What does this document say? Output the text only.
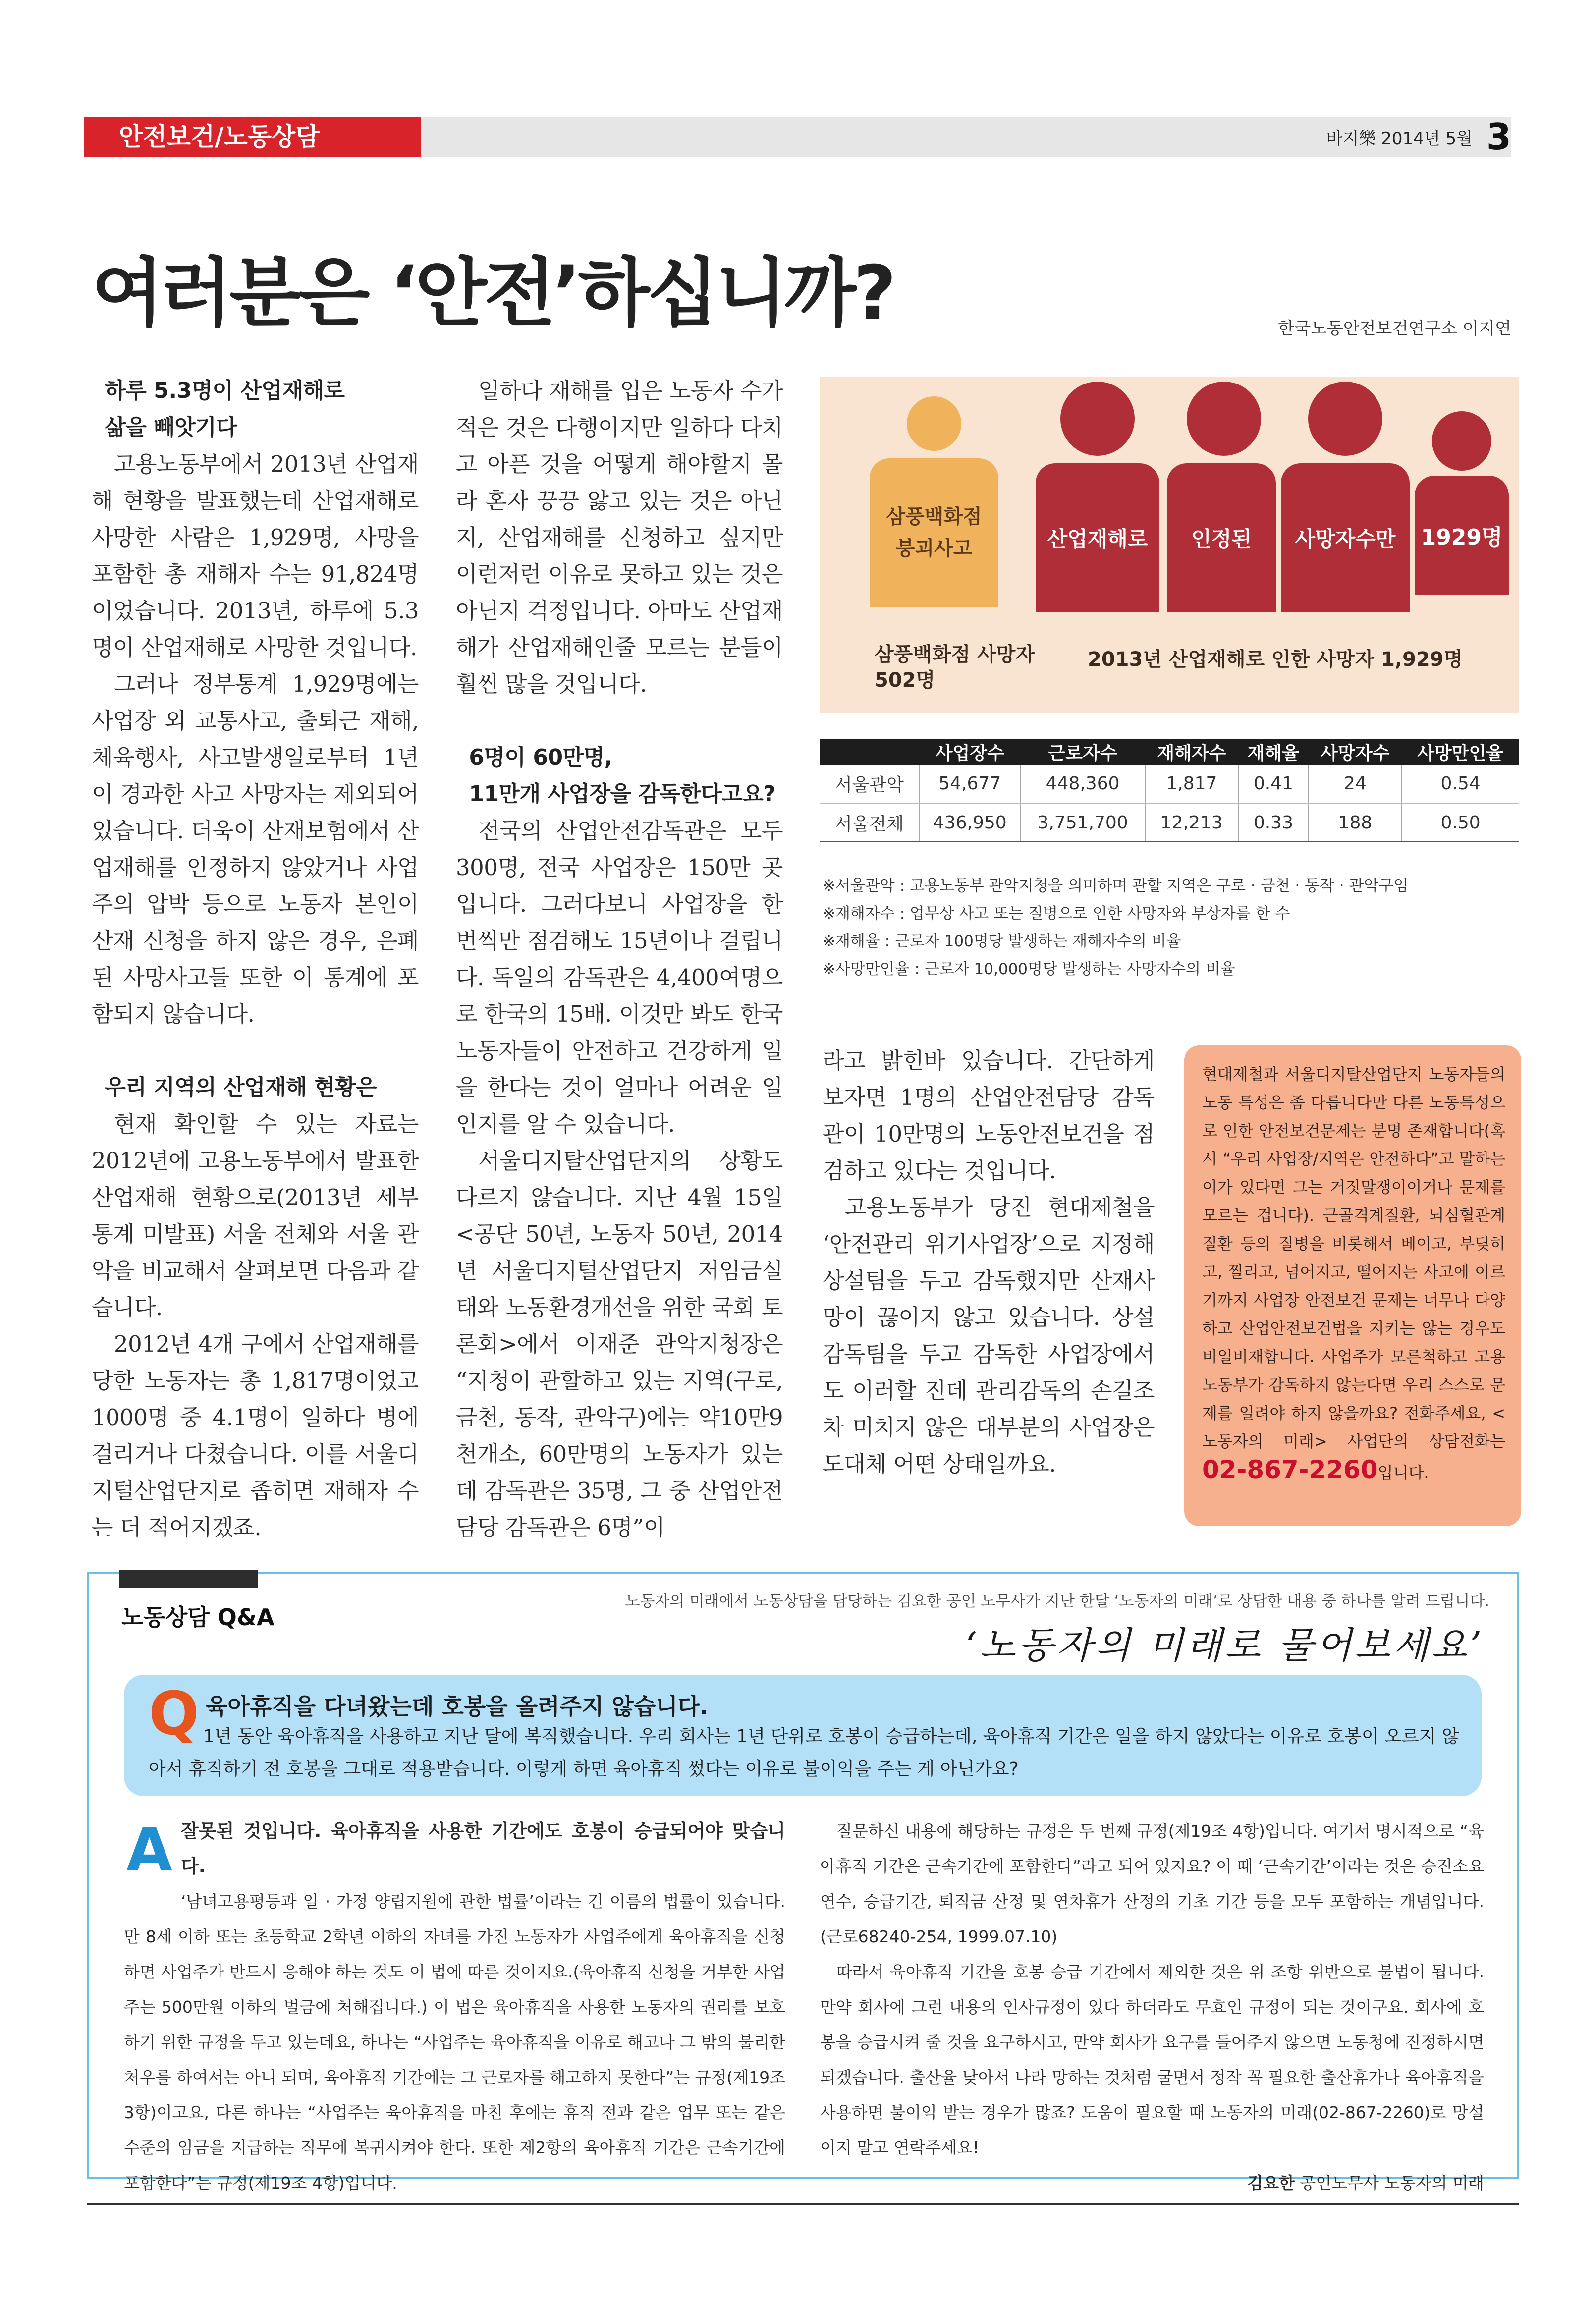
안전보건/노동상담	바지樂 2014년 5월 3
여러분은 ‘안전’하십니까?	한국노동안전보건연구소 이지연
하루 5.3명이 산업재해로
삶을 빼앗기다

고용노동부에서 2013년 산업재해 현황을 발표했는데 산업재해로 사망한 사람은 1,929명, 사망을 포함한 총 재해자 수는 91,824명이었습니다. 2013년, 하루에 5.3명이 산업재해로 사망한 것입니다.

그러나 정부통계 1,929명에는 사업장 외 교통사고, 출퇴근 재해, 체육행사, 사고발생일로부터 1년이 경과한 사고 사망자는 제외되어 있습니다. 더욱이 산재보험에서 산업재해를 인정하지 않았거나 사업주의 압박 등으로 노동자 본인이 산재 신청을 하지 않은 경우, 은폐된 사망사고들 또한 이 통계에 포함되지 않습니다.

우리 지역의 산업재해 현황은

현재 확인할 수 있는 자료는 2012년에 고용노동부에서 발표한 산업재해 현황으로(2013년 세부 통계 미발표) 서울 전체와 서울 관악을 비교해서 살펴보면 다음과 같습니다.

2012년 4개 구에서 산업재해를 당한 노동자는 총 1,817명이었고 1000명 중 4.1명이 일하다 병에 걸리거나 다쳤습니다. 이를 서울디지털산업단지로 좁히면 재해자 수는 더 적어지겠죠.

일하다 재해를 입은 노동자 수가 적은 것은 다행이지만 일하다 다치고 아픈 것을 어떻게 해야할지 몰라 혼자 끙끙 앓고 있는 것은 아닌지, 산업재해를 신청하고 싶지만 이런저런 이유로 못하고 있는 것은 아닌지 걱정입니다. 아마도 산업재해가 산업재해인줄 모르는 분들이 훨씬 많을 것입니다.

6명이 60만명,
11만개 사업장을 감독한다고요?

전국의 산업안전감독관은 모두 300명, 전국 사업장은 150만 곳입니다. 그러다보니 사업장을 한 번씩만 점검해도 15년이나 걸립니다. 독일의 감독관은 4,400여명으로 한국의 15배. 이것만 봐도 한국 노동자들이 안전하고 건강하게 일을 한다는 것이 얼마나 어려운 일인지를 알 수 있습니다.

서울디지탈산업단지의 상황도 다르지 않습니다. 지난 4월 15일 <공단 50년, 노동자 50년, 2014년 서울디지털산업단지 저임금실태와 노동환경개선을 위한 국회 토론회>에서 이재준 관악지청장은 “지청이 관할하고 있는 지역(구로, 금천, 동작, 관악구)에는 약10만9천개소, 60만명의 노동자가 있는데 감독관은 35명, 그 중 산업안전담당 감독관은 6명”이

라고 밝힌바 있습니다. 간단하게 보자면 1명의 산업안전담당 감독관이 10만명의 노동안전보건을 점검하고 있다는 것입니다.

고용노동부가 당진 현대제철을 ‘안전관리 위기사업장’으로 지정해 상설팀을 두고 감독했지만 산재사망이 끊이지 않고 있습니다. 상설 감독팀을 두고 감독한 사업장에서도 이러할 진데 관리감독의 손길조차 미치지 않은 대부분의 사업장은 도대체 어떤 상태일까요.

삼풍백화점 붕괴사고	산업재해로 인정된 사망자수만 1929명
삼풍백화점 사망자 502명
2013년 산업재해로 인한 사망자 1,929명
	사업장수	근로자수	재해자수	재해율	사망자수	사망만인율
서울관악	54,677	448,360	1,817	0.41	24	0.54
서울전체	436,950	3,751,700	12,213	0.33	188	0.50
※서울관악 : 고용노동부 관악지청을 의미하며 관할 지역은 구로 · 금천 · 동작 · 관악구임
※재해자수 : 업무상 사고 또는 질병으로 인한 사망자와 부상자를 한 수
※재해율 : 근로자 100명당 발생하는 재해자수의 비율
※사망만인율 : 근로자 10,000명당 발생하는 사망자수의 비율
현대제철과 서울디지탈산업단지 노동자들의 노동 특성은 좀 다릅니다만 다른 노동특성으로 인한 안전보건문제는 분명 존재합니다(혹시 “우리 사업장/지역은 안전하다”고 말하는 이가 있다면 그는 거짓말쟁이이거나 문제를 모르는 겁니다). 근골격계질환, 뇌심혈관계질환 등의 질병을 비롯해서 베이고, 부딪히고, 찔리고, 넘어지고, 떨어지는 사고에 이르기까지 사업장 안전보건 문제는 너무나 다양하고 산업안전보건법을 지키는 않는 경우도 비일비재합니다. 사업주가 모른척하고 고용노동부가 감독하지 않는다면 우리 스스로 문제를 일려야 하지 않을까요? 전화주세요, <노동자의 미래> 사업단의 상담전화는 02-867-2260입니다.
노동상담 Q&A
노동자의 미래에서 노동상담을 담당하는 김요한 공인 노무사가 지난 한달 ‘노동자의 미래’로 상담한 내용 중 하나를 알려 드립니다.
‘노동자의 미래로 물어보세요’
Q 육아휴직을 다녀왔는데 호봉을 올려주지 않습니다.
1년 동안 육아휴직을 사용하고 지난 달에 복직했습니다. 우리 회사는 1년 단위로 호봉이 승급하는데, 육아휴직 기간은 일을 하지 않았다는 이유로 호봉이 오르지 않아서 휴직하기 전 호봉을 그대로 적용받습니다. 이렇게 하면 육아휴직 썼다는 이유로 불이익을 주는 게 아닌가요?
A 잘못된 것입니다. 육아휴직을 사용한 기간에도 호봉이 승급되어야 맞습니다.
‘남녀고용평등과 일 · 가정 양립지원에 관한 법률’이라는 긴 이름의 법률이 있습니다. 만 8세 이하 또는 초등학교 2학년 이하의 자녀를 가진 노동자가 사업주에게 육아휴직을 신청하면 사업주가 반드시 응해야 하는 것도 이 법에 따른 것이지요.(육아휴직 신청을 거부한 사업주는 500만원 이하의 벌금에 처해집니다.) 이 법은 육아휴직을 사용한 노동자의 권리를 보호하기 위한 규정을 두고 있는데요, 하나는 “사업주는 육아휴직을 이유로 해고나 그 밖의 불리한 처우를 하여서는 아니 되며, 육아휴직 기간에는 그 근로자를 해고하지 못한다”는 규정(제19조 3항)이고요, 다른 하나는 “사업주는 육아휴직을 마친 후에는 휴직 전과 같은 업무 또는 같은 수준의 임금을 지급하는 직무에 복귀시켜야 한다. 또한 제2항의 육아휴직 기간은 근속기간에 포함한다”는 규정(제19조 4항)입니다.
질문하신 내용에 해당하는 규정은 두 번째 규정(제19조 4항)입니다. 여기서 명시적으로 “육아휴직 기간은 근속기간에 포함한다”라고 되어 있지요? 이 때 ‘근속기간’이라는 것은 승진소요연수, 승급기간, 퇴직금 산정 및 연차휴가 산정의 기초 기간 등을 모두 포함하는 개념입니다.(근로68240-254, 1999.07.10)
따라서 육아휴직 기간을 호봉 승급 기간에서 제외한 것은 위 조항 위반으로 불법이 됩니다. 만약 회사에 그런 내용의 인사규정이 있다 하더라도 무효인 규정이 되는 것이구요. 회사에 호봉을 승급시켜 줄 것을 요구하시고, 만약 회사가 요구를 들어주지 않으면 노동청에 진정하시면 되겠습니다. 출산율 낮아서 나라 망하는 것처럼 굴면서 정작 꼭 필요한 출산휴가나 육아휴직을 사용하면 불이익 받는 경우가 많죠? 도움이 필요할 때 노동자의 미래(02-867-2260)로 망설이지 말고 연락주세요!
김요한 공인노무사 노동자의 미래
